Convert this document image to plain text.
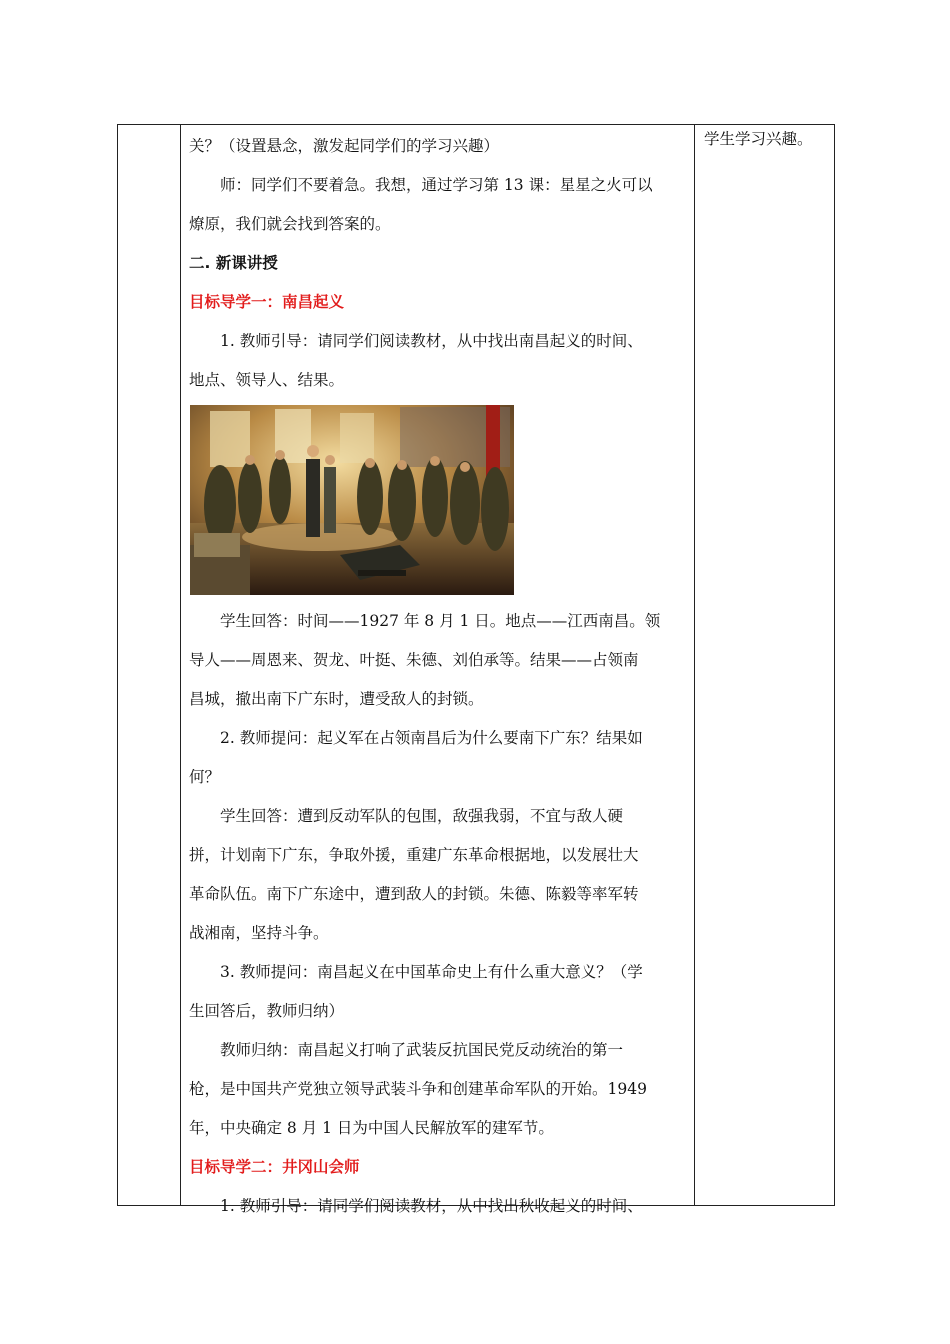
关？（设置悬念，激发起同学们的学习兴趣）

师：同学们不要着急。我想，通过学习第 13 课：星星之火可以

燎原，我们就会找到答案的。

二. 新课讲授

目标导学一：南昌起义

1. 教师引导：请同学们阅读教材，从中找出南昌起义的时间、

地点、领导人、结果。

学生回答：时间——1927 年 8 月 1 日。地点——江西南昌。领

导人——周恩来、贺龙、叶挺、朱德、刘伯承等。结果——占领南

昌城，撤出南下广东时，遭受敌人的封锁。

2. 教师提问：起义军在占领南昌后为什么要南下广东？结果如

何？

学生回答：遭到反动军队的包围，敌强我弱，不宜与敌人硬

拼，计划南下广东，争取外援，重建广东革命根据地，以发展壮大

革命队伍。南下广东途中，遭到敌人的封锁。朱德、陈毅等率军转

战湘南，坚持斗争。

3. 教师提问：南昌起义在中国革命史上有什么重大意义？（学

生回答后，教师归纳）

教师归纳：南昌起义打响了武装反抗国民党反动统治的第一

枪，是中国共产党独立领导武装斗争和创建革命军队的开始。1949

年，中央确定 8 月 1 日为中国人民解放军的建军节。

目标导学二：井冈山会师

1. 教师引导：请同学们阅读教材，从中找出秋收起义的时间、

学生学习兴趣。
